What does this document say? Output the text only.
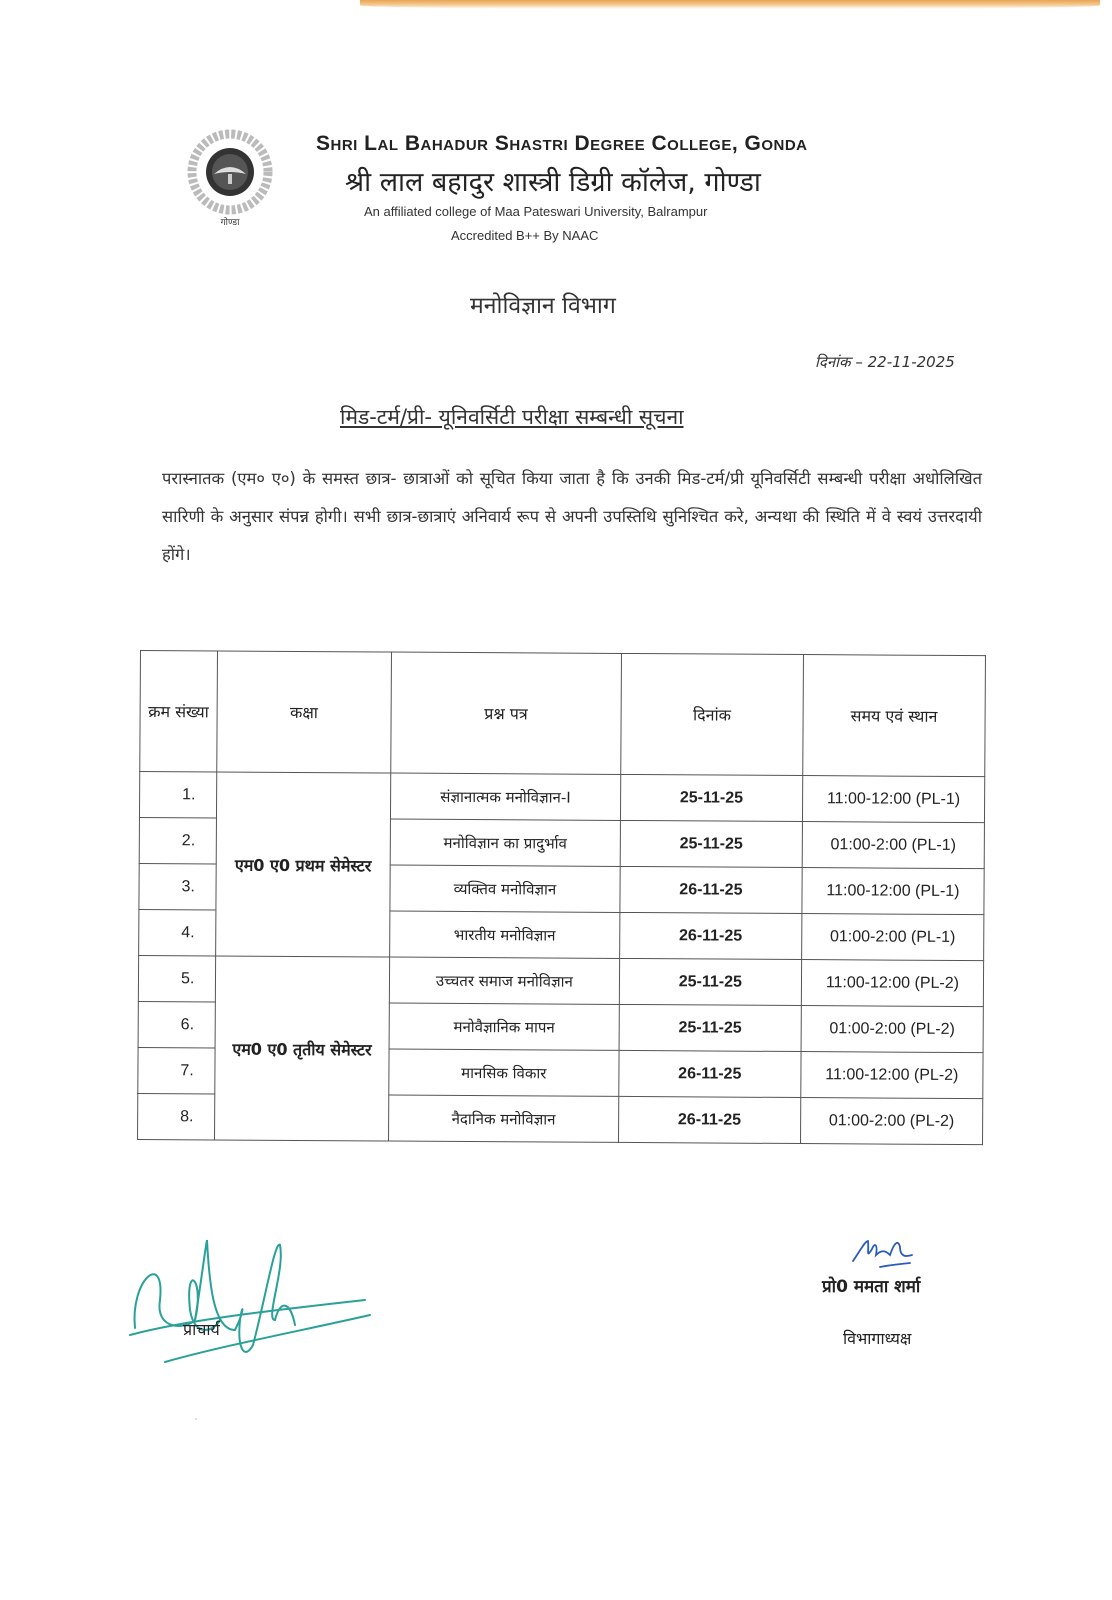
गोण्डा
Shri Lal Bahadur Shastri Degree College, Gonda
श्री लाल बहादुर शास्त्री डिग्री कॉलेज, गोण्डा
An affiliated college of Maa Pateswari University, Balrampur
Accredited B++ By NAAC
मनोविज्ञान विभाग
दिनांक – 22-11-2025
मिड-टर्म/प्री- यूनिवर्सिटी परीक्षा सम्बन्धी सूचना
परास्नातक (एम० ए०) के समस्त छात्र- छात्राओं को सूचित किया जाता है कि उनकी मिड-टर्म/प्री यूनिवर्सिटी सम्बन्धी परीक्षा अधोलिखित सारिणी के अनुसार संपन्न होगी। सभी छात्र-छात्राएं अनिवार्य रूप से अपनी उपस्तिथि सुनिश्चित करे, अन्यथा की स्थिति में वे स्वयं उत्तरदायी होंगे।
क्रम संख्या	कक्षा	प्रश्न पत्र	दिनांक	समय एवं स्थान
1.	एम0 ए0 प्रथम सेमेस्टर	संज्ञानात्मक मनोविज्ञान-I	25-11-25	11:00-12:00 (PL-1)
2.		मनोविज्ञान का प्रादुर्भाव	25-11-25	01:00-2:00 (PL-1)
3.		व्यक्तिव मनोविज्ञान	26-11-25	11:00-12:00 (PL-1)
4.		भारतीय मनोविज्ञान	26-11-25	01:00-2:00 (PL-1)
5.	एम0 ए0 तृतीय सेमेस्टर	उच्चतर समाज मनोविज्ञान	25-11-25	11:00-12:00 (PL-2)
6.		मनोवैज्ञानिक मापन	25-11-25	01:00-2:00 (PL-2)
7.		मानसिक विकार	26-11-25	11:00-12:00 (PL-2)
8.		नैदानिक मनोविज्ञान	26-11-25	01:00-2:00 (PL-2)
प्राचार्य
प्रो0 ममता शर्मा
विभागाध्यक्ष
